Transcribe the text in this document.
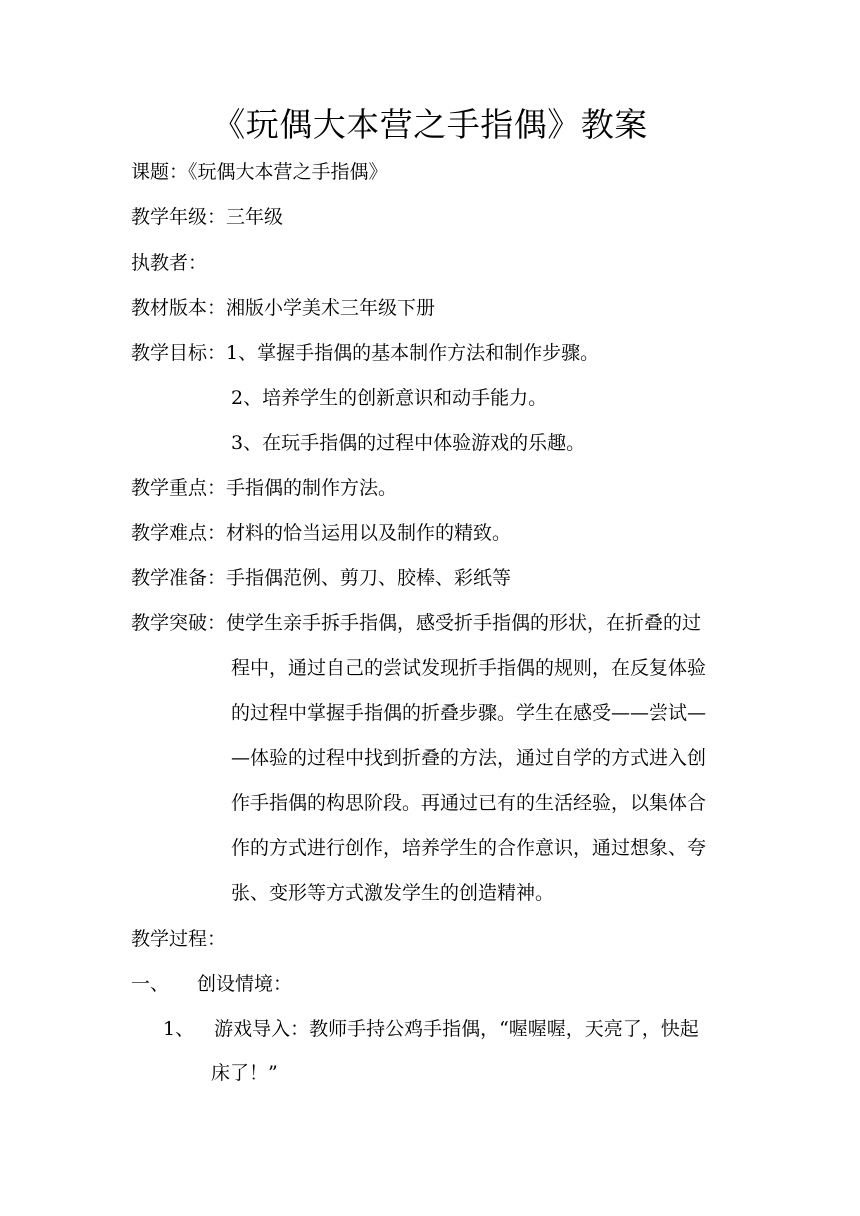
《玩偶大本营之手指偶》教案
课题：《玩偶大本营之手指偶》
教学年级：三年级
执教者：
教材版本：湘版小学美术三年级下册
教学目标：1、掌握手指偶的基本制作方法和制作步骤。
2、培养学生的创新意识和动手能力。
3、在玩手指偶的过程中体验游戏的乐趣。
教学重点：手指偶的制作方法。
教学难点：材料的恰当运用以及制作的精致。
教学准备：手指偶范例、剪刀、胶棒、彩纸等
教学突破：使学生亲手拆手指偶，感受折手指偶的形状，在折叠的过
程中，通过自己的尝试发现折手指偶的规则，在反复体验
的过程中掌握手指偶的折叠步骤。学生在感受——尝试—
—体验的过程中找到折叠的方法，通过自学的方式进入创
作手指偶的构思阶段。再通过已有的生活经验，以集体合
作的方式进行创作，培养学生的合作意识，通过想象、夸
张、变形等方式激发学生的创造精神。
教学过程：
一、 创设情境：
1、 游戏导入：教师手持公鸡手指偶，“喔喔喔，天亮了，快起
床了！”
